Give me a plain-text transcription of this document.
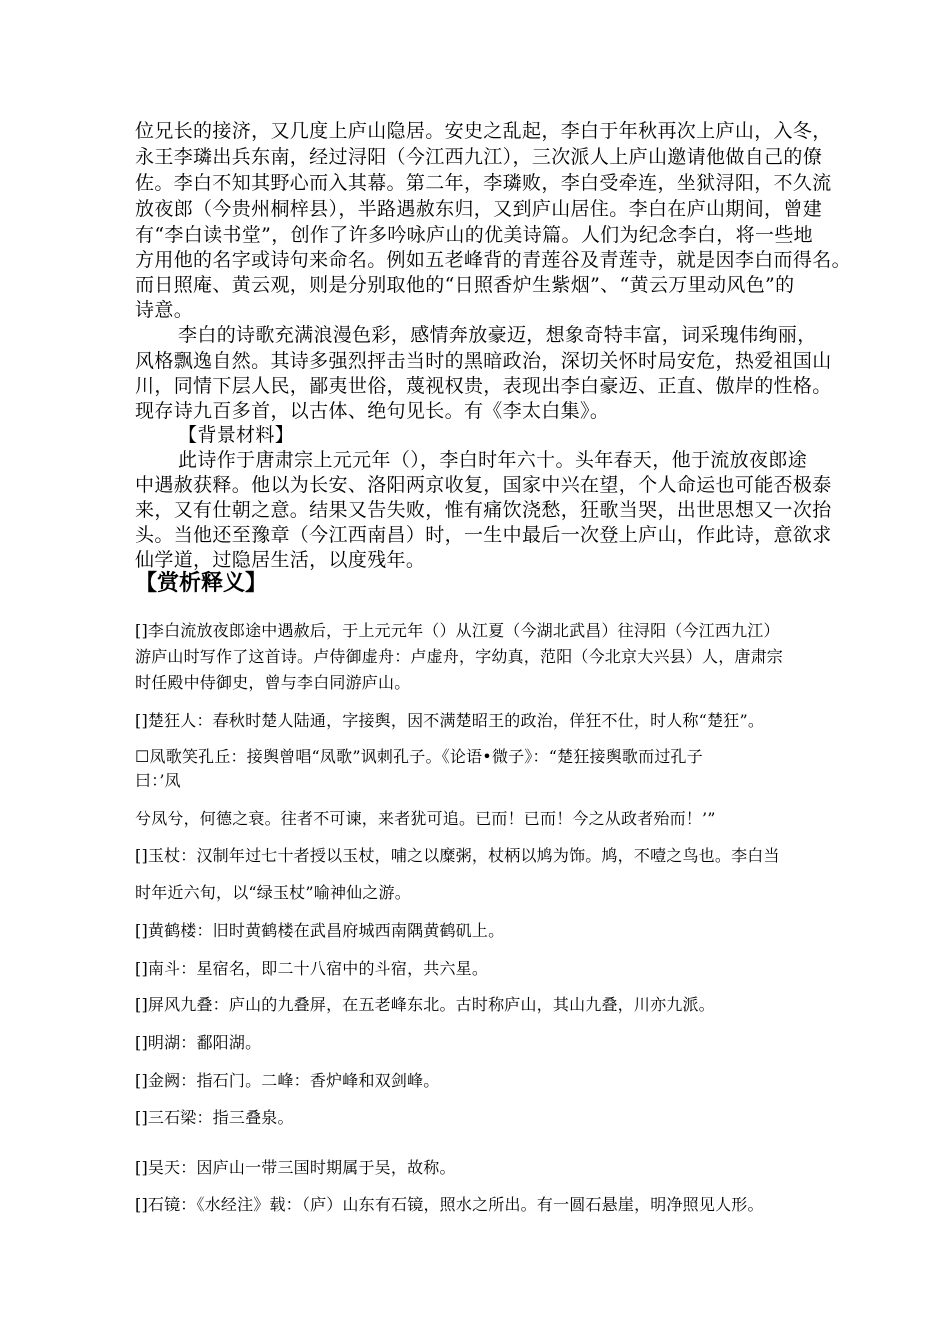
位兄长的接济，又几度上庐山隐居。安史之乱起，李白于年秋再次上庐山，入冬，
永王李璘出兵东南，经过浔阳（今江西九江），三次派人上庐山邀请他做自己的僚
佐。李白不知其野心而入其幕。第二年，李璘败，李白受牵连，坐狱浔阳，不久流
放夜郎（今贵州桐梓县），半路遇赦东归，又到庐山居住。李白在庐山期间，曾建
有“李白读书堂”，创作了许多吟咏庐山的优美诗篇。人们为纪念李白，将一些地
方用他的名字或诗句来命名。例如五老峰背的青莲谷及青莲寺，就是因李白而得名。
而日照庵、黄云观，则是分别取他的“日照香炉生紫烟”、“黄云万里动风色”的
诗意。
李白的诗歌充满浪漫色彩，感情奔放豪迈，想象奇特丰富，词采瑰伟绚丽，
风格飘逸自然。其诗多强烈抨击当时的黑暗政治，深切关怀时局安危，热爱祖国山
川，同情下层人民，鄙夷世俗，蔑视权贵，表现出李白豪迈、正直、傲岸的性格。
现存诗九百多首，以古体、绝句见长。有《李太白集》。
【背景材料】
此诗作于唐肃宗上元元年（），李白时年六十。头年春天，他于流放夜郎途
中遇赦获释。他以为长安、洛阳两京收复，国家中兴在望，个人命运也可能否极泰
来，又有仕朝之意。结果又告失败，惟有痛饮浇愁，狂歌当哭，出世思想又一次抬
头。当他还至豫章（今江西南昌）时，一生中最后一次登上庐山，作此诗，意欲求
仙学道，过隐居生活，以度残年。
【赏析释义】
[]李白流放夜郎途中遇赦后，于上元元年（）从江夏（今湖北武昌）往浔阳（今江西九江）
游庐山时写作了这首诗。卢侍御虚舟：卢虚舟，字幼真，范阳（今北京大兴县）人，唐肃宗
时任殿中侍御史，曾与李白同游庐山。
[]楚狂人：春秋时楚人陆通，字接舆，因不满楚昭王的政治，佯狂不仕，时人称“楚狂”。
☐凤歌笑孔丘：接舆曾唱“凤歌”讽刺孔子。《论语•微子》：“楚狂接舆歌而过孔子
曰：’凤
兮凤兮，何德之衰。往者不可谏，来者犹可追。已而！已而！今之从政者殆而！’”
[]玉杖：汉制年过七十者授以玉杖，哺之以糜粥，杖柄以鸠为饰。鸠，不噎之鸟也。李白当
时年近六旬，以“绿玉杖”喻神仙之游。
[]黄鹤楼：旧时黄鹤楼在武昌府城西南隅黄鹤矶上。
[]南斗：星宿名，即二十八宿中的斗宿，共六星。
[]屏风九叠：庐山的九叠屏，在五老峰东北。古时称庐山，其山九叠，川亦九派。
[]明湖：鄱阳湖。
[]金阙：指石门。二峰：香炉峰和双剑峰。
[]三石梁：指三叠泉。
[]吴天：因庐山一带三国时期属于吴，故称。
[]石镜：《水经注》载：（庐）山东有石镜，照水之所出。有一圆石悬崖，明净照见人形。
